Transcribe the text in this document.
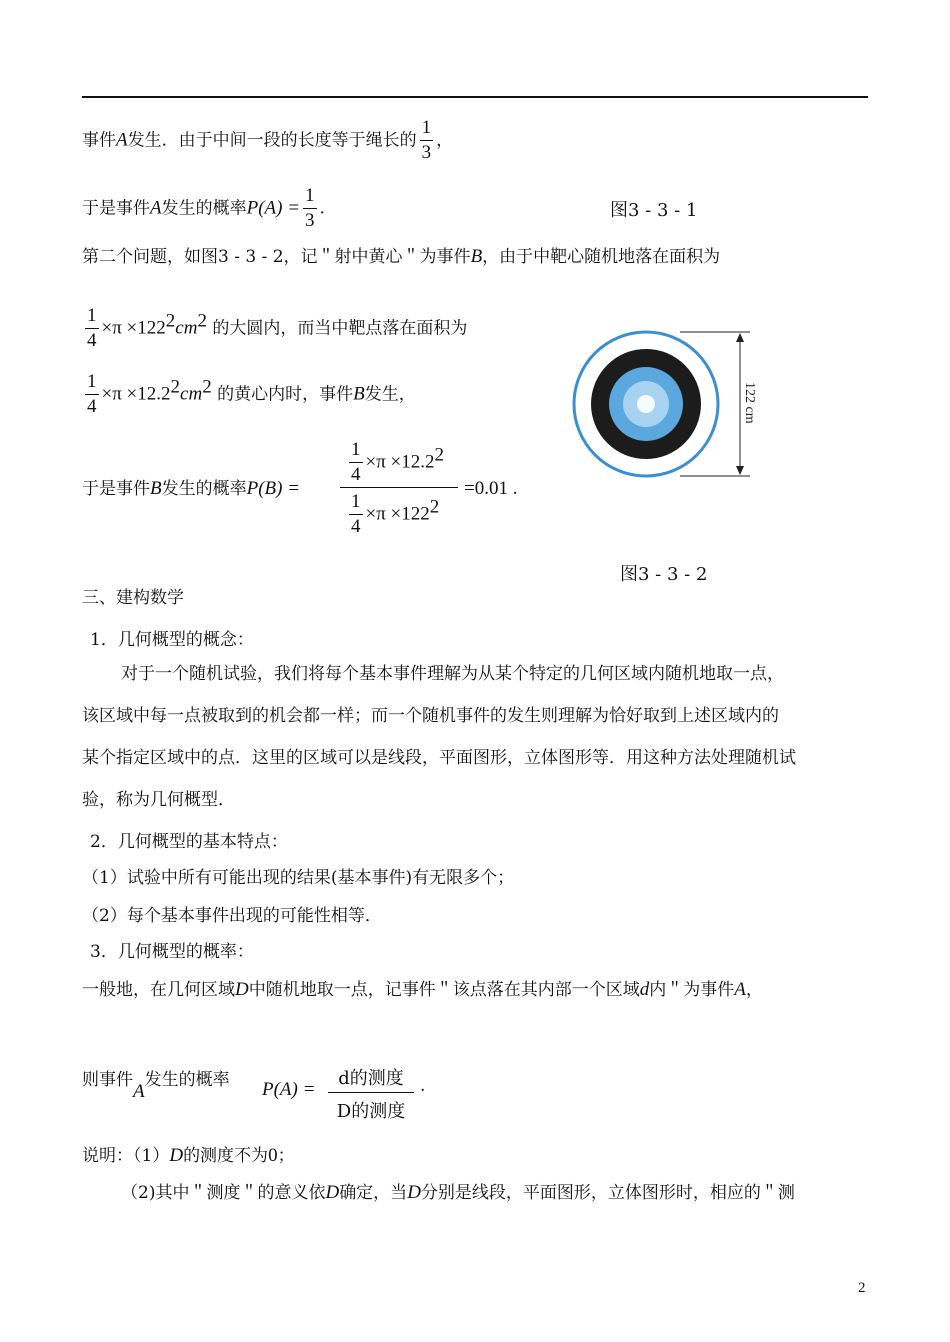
事件A发生．由于中间一段的长度等于绳长的 $\frac{1}{3}$ ，
于是事件A发生的概率$P(A) = \frac{1}{3}$ .	图3 - 3 - 1
第二个问题，如图3 - 3 - 2，记＂射中黄心＂为事件B，由于中靶心随机地落在面积为
$\frac{1}{4} \times\pi \times 122^2cm^2$ 的大圆内，而当中靶点落在面积为
$\frac{1}{4} \times\pi \times 12.2^2cm^2$ 的黄心内时，事件B发生，
于是事件B发生的概率P(B) =
$\frac{1}{4} \times\pi \times 12.2^2$
$\frac{1}{4} \times\pi \times 122^2$
=0.01 .
122 cm
图3 - 3 - 2
三、建构数学
1．几何概型的概念：
对于一个随机试验，我们将每个基本事件理解为从某个特定的几何区域内随机地取一点，
该区域中每一点被取到的机会都一样；而一个随机事件的发生则理解为恰好取到上述区域内的
某个指定区域中的点．这里的区域可以是线段，平面图形，立体图形等．用这种方法处理随机试
验，称为几何概型．
2．几何概型的基本特点：
（1）试验中所有可能出现的结果(基本事件)有无限多个；
（2）每个基本事件出现的可能性相等．
3．几何概型的概率：
一般地，在几何区域D中随机地取一点，记事件＂该点落在其内部一个区域d内＂为事件A，
则事件A发生的概率 P(A) =
d的测度
D的测度
.
说明：（1）D的测度不为0；
（2)其中＂测度＂的意义依D确定，当D分别是线段，平面图形，立体图形时，相应的＂测
2
